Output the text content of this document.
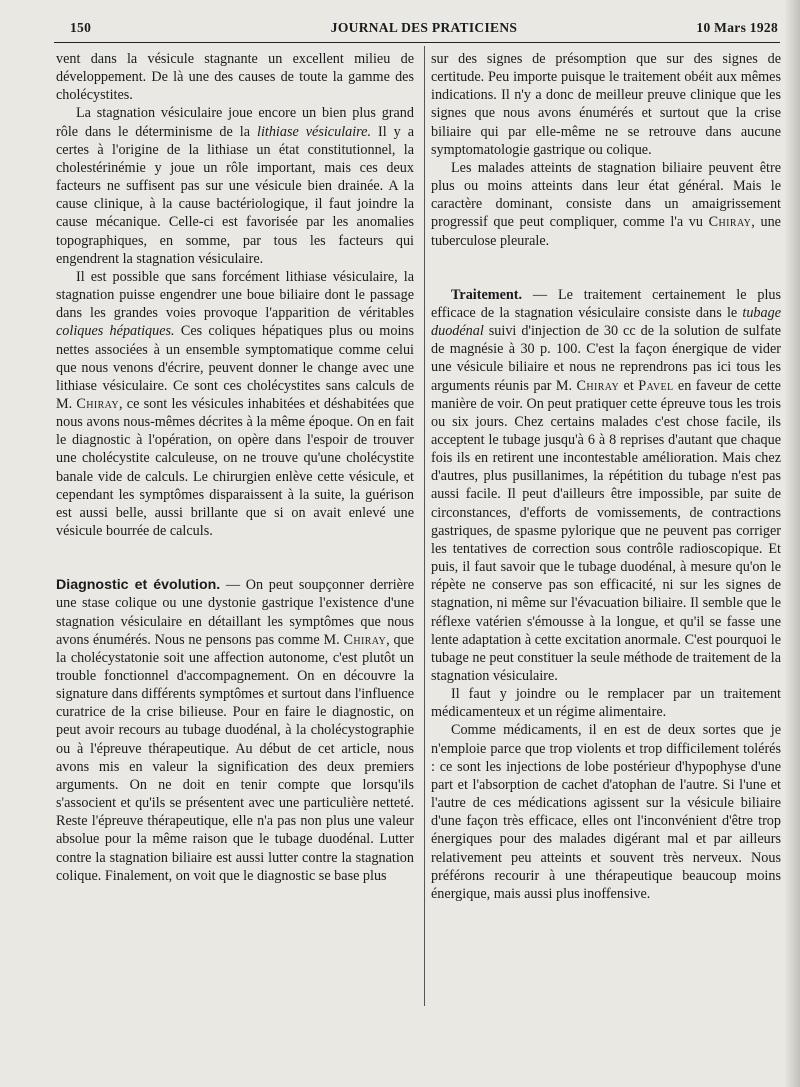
150	JOURNAL DES PRATICIENS	10 Mars 1928

vent dans la vésicule stagnante un excellent milieu de développement. De là une des causes de toute la gamme des cholécystites.

La stagnation vésiculaire joue encore un bien plus grand rôle dans le déterminisme de la lithiase vésiculaire. Il y a certes à l'origine de la lithiase un état constitutionnel, la cholestérinémie y joue un rôle important, mais ces deux facteurs ne suffisent pas sur une vésicule bien drainée. A la cause clinique, à la cause bactériologique, il faut joindre la cause mécanique. Celle-ci est favorisée par les anomalies topographiques, en somme, par tous les facteurs qui engendrent la stagnation vésiculaire.

Il est possible que sans forcément lithiase vésiculaire, la stagnation puisse engendrer une boue biliaire dont le passage dans les grandes voies provoque l'apparition de véritables coliques hépatiques. Ces coliques hépatiques plus ou moins nettes associées à un ensemble symptomatique comme celui que nous venons d'écrire, peuvent donner le change avec une lithiase vésiculaire. Ce sont ces cholécystites sans calculs de M. Chiray, ce sont les vésicules inhabitées et déshabitées que nous avons nous-mêmes décrites à la même époque. On en fait le diagnostic à l'opération, on opère dans l'espoir de trouver une cholécystite calculeuse, on ne trouve qu'une cholécystite banale vide de calculs. Le chirurgien enlève cette vésicule, et cependant les symptômes disparaissent à la suite, la guérison est aussi belle, aussi brillante que si on avait enlevé une vésicule bourrée de calculs.

Diagnostic et évolution. — On peut soupçonner derrière une stase colique ou une dystonie gastrique l'existence d'une stagnation vésiculaire en détaillant les symptômes que nous avons énumérés. Nous ne pensons pas comme M. Chiray, que la cholécystatonie soit une affection autonome, c'est plutôt un trouble fonctionnel d'accompagnement. On en découvre la signature dans différents symptômes et surtout dans l'influence curatrice de la crise bilieuse. Pour en faire le diagnostic, on peut avoir recours au tubage duodénal, à la cholécystographie ou à l'épreuve thérapeutique. Au début de cet article, nous avons mis en valeur la signification des deux premiers arguments. On ne doit en tenir compte que lorsqu'ils s'associent et qu'ils se présentent avec une particulière netteté. Reste l'épreuve thérapeutique, elle n'a pas non plus une valeur absolue pour la même raison que le tubage duodénal. Lutter contre la stagnation biliaire est aussi lutter contre la stagnation colique. Finalement, on voit que le diagnostic se base plus

sur des signes de présomption que sur des signes de certitude. Peu importe puisque le traitement obéit aux mêmes indications. Il n'y a donc de meilleur preuve clinique que les signes que nous avons énumérés et surtout que la crise biliaire qui par elle-même ne se retrouve dans aucune symptomatologie gastrique ou colique.

Les malades atteints de stagnation biliaire peuvent être plus ou moins atteints dans leur état général. Mais le caractère dominant, consiste dans un amaigrissement progressif que peut compliquer, comme l'a vu Chiray, une tuberculose pleurale.

Traitement. — Le traitement certainement le plus efficace de la stagnation vésiculaire consiste dans le tubage duodénal suivi d'injection de 30 cc de la solution de sulfate de magnésie à 30 p. 100. C'est la façon énergique de vider une vésicule biliaire et nous ne reprendrons pas ici tous les arguments réunis par M. Chiray et Pavel en faveur de cette manière de voir. On peut pratiquer cette épreuve tous les trois ou six jours. Chez certains malades c'est chose facile, ils acceptent le tubage jusqu'à 6 à 8 reprises d'autant que chaque fois ils en retirent une incontestable amélioration. Mais chez d'autres, plus pusillanimes, la répétition du tubage n'est pas aussi facile. Il peut d'ailleurs être impossible, par suite de circonstances, d'efforts de vomissements, de contractions gastriques, de spasme pylorique que ne peuvent pas corriger les tentatives de correction sous contrôle radioscopique. Et puis, il faut savoir que le tubage duodénal, à mesure qu'on le répète ne conserve pas son efficacité, ni sur les signes de stagnation, ni même sur l'évacuation biliaire. Il semble que le réflexe vatérien s'émousse à la longue, et qu'il se fasse une lente adaptation à cette excitation anormale. C'est pourquoi le tubage ne peut constituer la seule méthode de traitement de la stagnation vésiculaire.

Il faut y joindre ou le remplacer par un traitement médicamenteux et un régime alimentaire.

Comme médicaments, il en est de deux sortes que je n'emploie parce que trop violents et trop difficilement tolérés : ce sont les injections de lobe postérieur d'hypophyse d'une part et l'absorption de cachet d'atophan de l'autre. Si l'une et l'autre de ces médications agissent sur la vésicule biliaire d'une façon très efficace, elles ont l'inconvénient d'être trop énergiques pour des malades digérant mal et par ailleurs relativement peu atteints et souvent très nerveux. Nous préférons recourir à une thérapeutique beaucoup moins énergique, mais aussi plus inoffensive.
